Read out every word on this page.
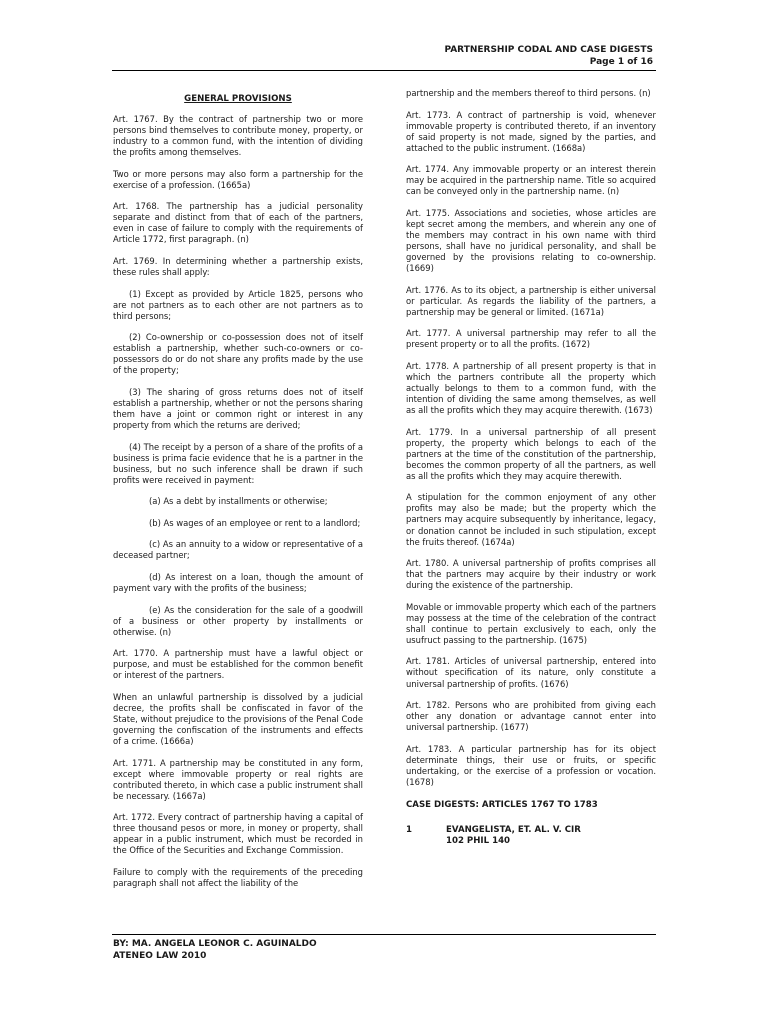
PARTNERSHIP CODAL AND CASE DIGESTS
Page 1 of 16

GENERAL PROVISIONS

Art. 1767. By the contract of partnership two or more persons bind themselves to contribute money, property, or industry to a common fund, with the intention of dividing the profits among themselves.

Two or more persons may also form a partnership for the exercise of a profession. (1665a)

Art. 1768. The partnership has a judicial personality separate and distinct from that of each of the partners, even in case of failure to comply with the requirements of Article 1772, first paragraph. (n)

Art. 1769. In determining whether a partnership exists, these rules shall apply:

(1) Except as provided by Article 1825, persons who are not partners as to each other are not partners as to third persons;

(2) Co-ownership or co-possession does not of itself establish a partnership, whether such-co-owners or co-possessors do or do not share any profits made by the use of the property;

(3) The sharing of gross returns does not of itself establish a partnership, whether or not the persons sharing them have a joint or common right or interest in any property from which the returns are derived;

(4) The receipt by a person of a share of the profits of a business is prima facie evidence that he is a partner in the business, but no such inference shall be drawn if such profits were received in payment:

(a) As a debt by installments or otherwise;

(b) As wages of an employee or rent to a landlord;

(c) As an annuity to a widow or representative of a deceased partner;

(d) As interest on a loan, though the amount of payment vary with the profits of the business;

(e) As the consideration for the sale of a goodwill of a business or other property by installments or otherwise. (n)

Art. 1770. A partnership must have a lawful object or purpose, and must be established for the common benefit or interest of the partners.

When an unlawful partnership is dissolved by a judicial decree, the profits shall be confiscated in favor of the State, without prejudice to the provisions of the Penal Code governing the confiscation of the instruments and effects of a crime. (1666a)

Art. 1771. A partnership may be constituted in any form, except where immovable property or real rights are contributed thereto, in which case a public instrument shall be necessary. (1667a)

Art. 1772. Every contract of partnership having a capital of three thousand pesos or more, in money or property, shall appear in a public instrument, which must be recorded in the Office of the Securities and Exchange Commission.

Failure to comply with the requirements of the preceding paragraph shall not affect the liability of the

partnership and the members thereof to third persons. (n)

Art. 1773. A contract of partnership is void, whenever immovable property is contributed thereto, if an inventory of said property is not made, signed by the parties, and attached to the public instrument. (1668a)

Art. 1774. Any immovable property or an interest therein may be acquired in the partnership name. Title so acquired can be conveyed only in the partnership name. (n)

Art. 1775. Associations and societies, whose articles are kept secret among the members, and wherein any one of the members may contract in his own name with third persons, shall have no juridical personality, and shall be governed by the provisions relating to co-ownership. (1669)

Art. 1776. As to its object, a partnership is either universal or particular. As regards the liability of the partners, a partnership may be general or limited. (1671a)

Art. 1777. A universal partnership may refer to all the present property or to all the profits. (1672)

Art. 1778. A partnership of all present property is that in which the partners contribute all the property which actually belongs to them to a common fund, with the intention of dividing the same among themselves, as well as all the profits which they may acquire therewith. (1673)

Art. 1779. In a universal partnership of all present property, the property which belongs to each of the partners at the time of the constitution of the partnership, becomes the common property of all the partners, as well as all the profits which they may acquire therewith.

A stipulation for the common enjoyment of any other profits may also be made; but the property which the partners may acquire subsequently by inheritance, legacy, or donation cannot be included in such stipulation, except the fruits thereof. (1674a)

Art. 1780. A universal partnership of profits comprises all that the partners may acquire by their industry or work during the existence of the partnership.

Movable or immovable property which each of the partners may possess at the time of the celebration of the contract shall continue to pertain exclusively to each, only the usufruct passing to the partnership. (1675)

Art. 1781. Articles of universal partnership, entered into without specification of its nature, only constitute a universal partnership of profits. (1676)

Art. 1782. Persons who are prohibited from giving each other any donation or advantage cannot enter into universal partnership. (1677)

Art. 1783. A particular partnership has for its object determinate things, their use or fruits, or specific undertaking, or the exercise of a profession or vocation. (1678)

CASE DIGESTS: ARTICLES 1767 TO 1783

1	EVANGELISTA, ET. AL. V. CIR
102 PHIL 140
BY: MA. ANGELA LEONOR C. AGUINALDO
ATENEO LAW 2010
